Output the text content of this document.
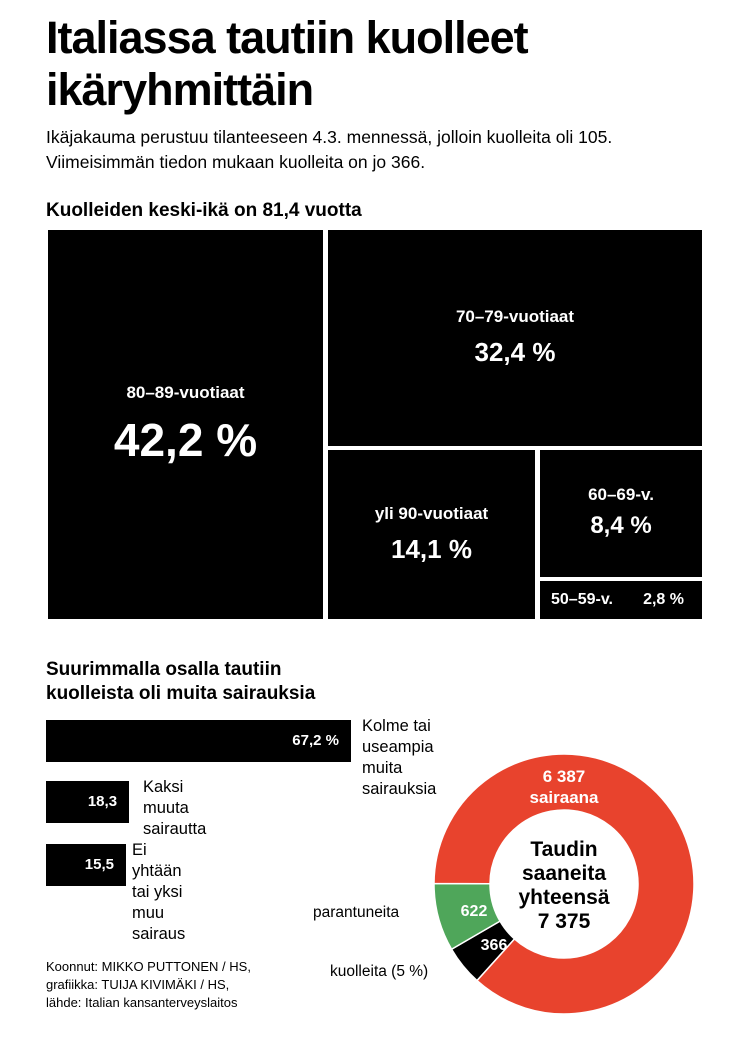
Italiassa tautiin kuolleet
ikäryhmittäin
Ikäjakauma perustuu tilanteeseen 4.3. mennessä, jolloin kuolleita oli 105.
Viimeisimmän tiedon mukaan kuolleita on jo 366.
Kuolleiden keski-ikä on 81,4 vuotta
80–89-vuotiaat
42,2 %
70–79-vuotiaat
32,4 %
yli 90-vuotiaat
14,1 %
60–69-v.
8,4 %
50–59-v. 2,8 %
Suurimmalla osalla tautiin
kuolleista oli muita sairauksia
67,2 %
Kolme tai useampia
muita sairauksia
18,3
Kaksi muuta
sairautta
15,5
Ei yhtään tai yksi
muu sairaus
6 387
sairaana
622
366
Taudin
saaneita
yhteensä
7 375
parantuneita
kuolleita (5 %)
Koonnut: MIKKO PUTTONEN / HS,
grafiikka: TUIJA KIVIMÄKI / HS,
lähde: Italian kansanterveyslaitos
